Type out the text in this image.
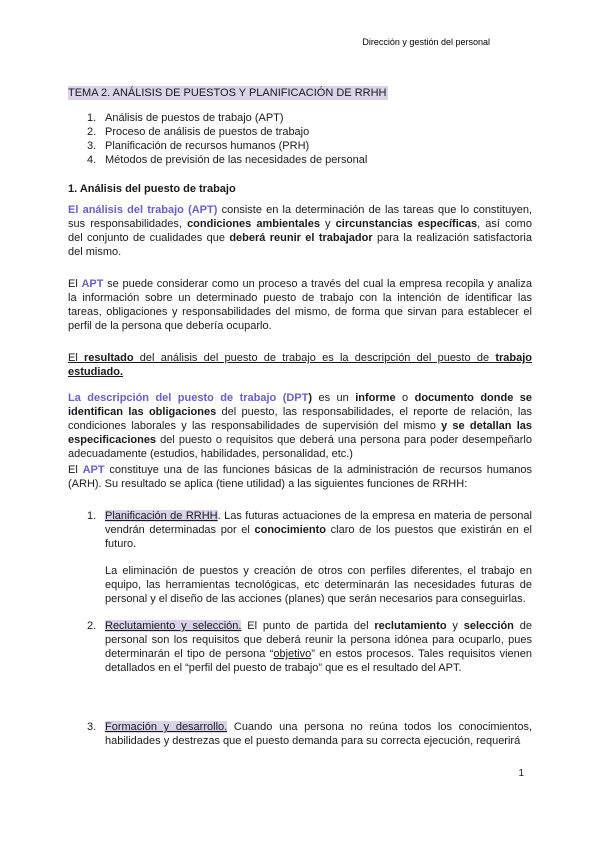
Dirección y gestión del personal
TEMA 2. ANÁLISIS DE PUESTOS Y PLANIFICACIÓN DE RRHH
1. Análisis de puestos de trabajo (APT)
2. Proceso de análisis de puestos de trabajo
3. Planificación de recursos humanos (PRH)
4. Métodos de previsión de las necesidades de personal
1. Análisis del puesto de trabajo

El análisis del trabajo (APT) consiste en la determinación de las tareas que lo constituyen, sus responsabilidades, condiciones ambientales y circunstancias específicas, así como del conjunto de cualidades que deberá reunir el trabajador para la realización satisfactoria del mismo.

El APT se puede considerar como un proceso a través del cual la empresa recopila y analiza la información sobre un determinado puesto de trabajo con la intención de identificar las tareas, obligaciones y responsabilidades del mismo, de forma que sirvan para establecer el perfil de la persona que debería ocuparlo.

El resultado del análisis del puesto de trabajo es la descripción del puesto de trabajo estudiado.

La descripción del puesto de trabajo (DPT) es un informe o documento donde se identifican las obligaciones del puesto, las responsabilidades, el reporte de relación, las condiciones laborales y las responsabilidades de supervisión del mismo y se detallan las especificaciones del puesto o requisitos que deberá una persona para poder desempeñarlo adecuadamente (estudios, habilidades, personalidad, etc.)

El APT constituye una de las funciones básicas de la administración de recursos humanos (ARH). Su resultado se aplica (tiene utilidad) a las siguientes funciones de RRHH:

1. Planificación de RRHH. Las futuras actuaciones de la empresa en materia de personal vendrán determinadas por el conocimiento claro de los puestos que existirán en el futuro.

La eliminación de puestos y creación de otros con perfiles diferentes, el trabajo en equipo, las herramientas tecnológicas, etc determinarán las necesidades futuras de personal y el diseño de las acciones (planes) que serán necesarios para conseguirlas.

2. Reclutamiento y selección. El punto de partida del reclutamiento y selección de personal son los requisitos que deberá reunir la persona idónea para ocuparlo, pues determinarán el tipo de persona “objetivo” en estos procesos. Tales requisitos vienen detallados en el “perfil del puesto de trabajo” que es el resultado del APT.
3. Formación y desarrollo. Cuando una persona no reúna todos los conocimientos, habilidades y destrezas que el puesto demanda para su correcta ejecución, requerirá
1
